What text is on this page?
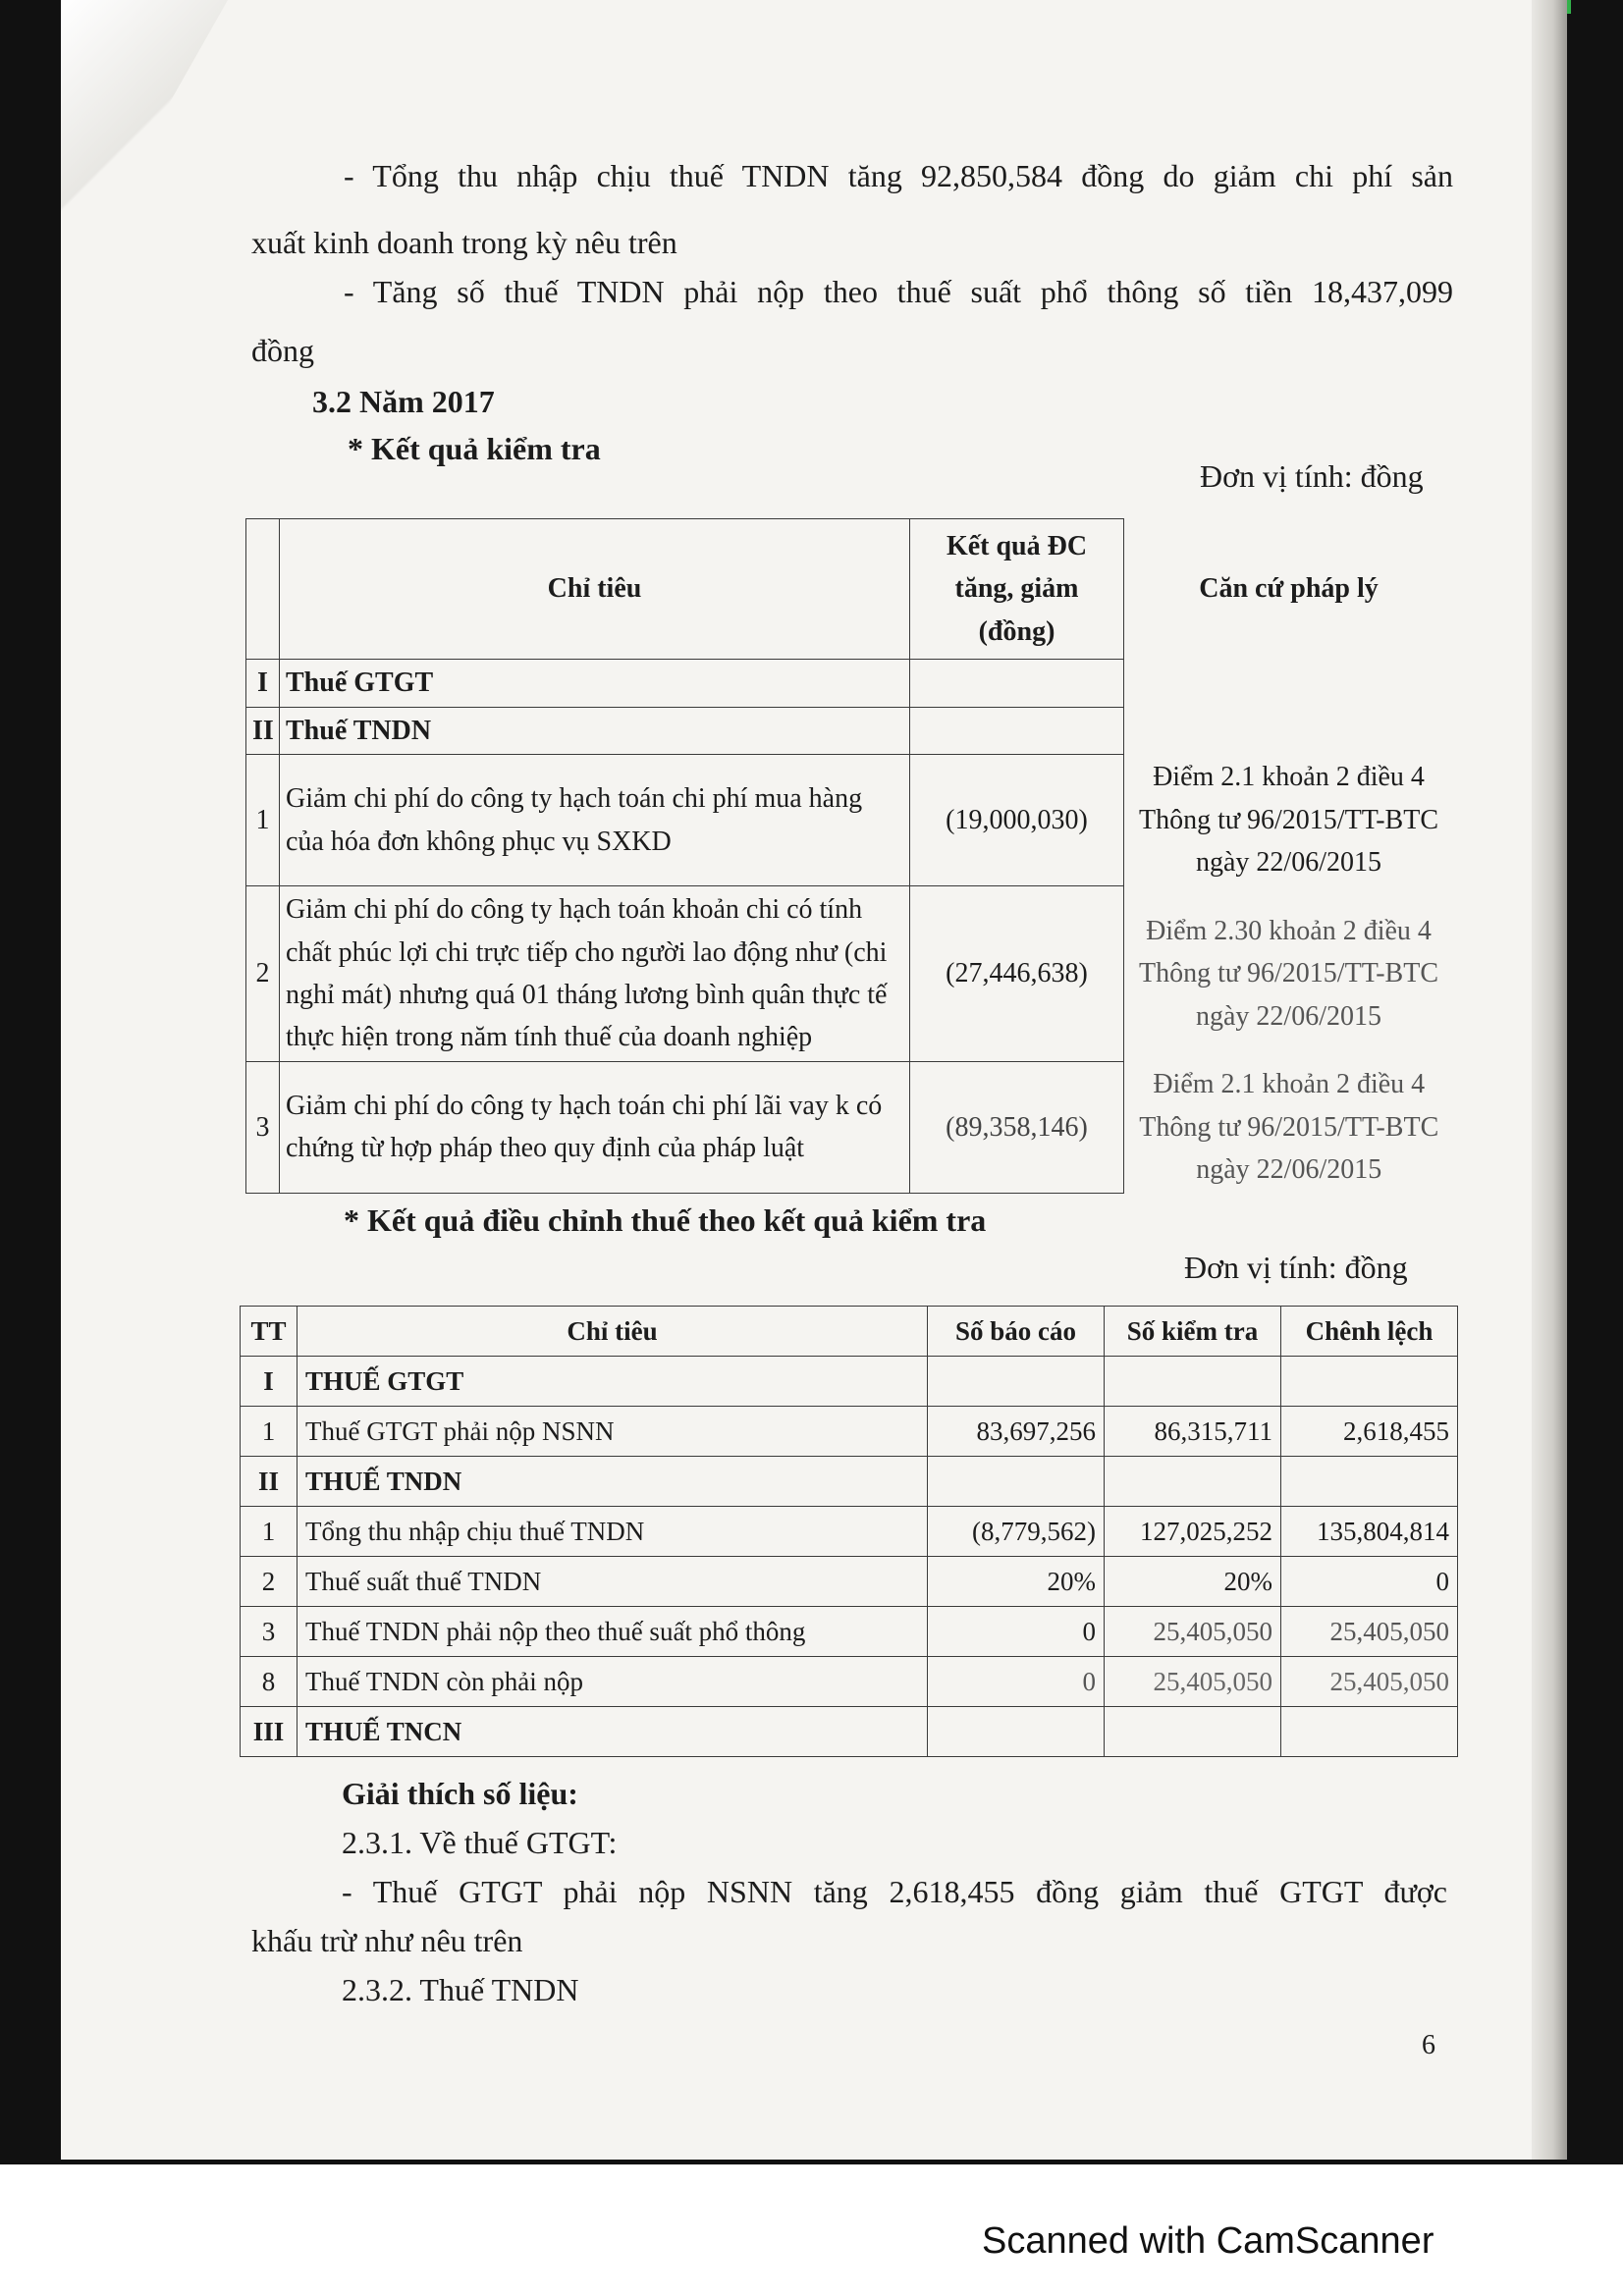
- Tổng thu nhập chịu thuế TNDN tăng 92,850,584 đồng do giảm chi phí sản
xuất kinh doanh trong kỳ nêu trên
- Tăng số thuế TNDN phải nộp theo thuế suất phổ thông số tiền 18,437,099
đồng
3.2 Năm 2017
* Kết quả kiểm tra
Đơn vị tính: đồng
	Chỉ tiêu	Kết quả ĐC tăng, giảm (đồng)	Căn cứ pháp lý
I	Thuế GTGT		
II	Thuế TNDN		
1	Giảm chi phí do công ty hạch toán chi phí mua hàng của hóa đơn không phục vụ SXKD	(19,000,030)	Điểm 2.1 khoản 2 điều 4 Thông tư 96/2015/TT-BTC ngày 22/06/2015
2	Giảm chi phí do công ty hạch toán khoản chi có tính chất phúc lợi chi trực tiếp cho người lao động như (chi nghỉ mát) nhưng quá 01 tháng lương bình quân thực tế thực hiện trong năm tính thuế của doanh nghiệp	(27,446,638)	Điểm 2.30 khoản 2 điều 4 Thông tư 96/2015/TT-BTC ngày 22/06/2015
3	Giảm chi phí do công ty hạch toán chi phí lãi vay k có chứng từ hợp pháp theo quy định của pháp luật	(89,358,146)	Điểm 2.1 khoản 2 điều 4 Thông tư 96/2015/TT-BTC ngày 22/06/2015
* Kết quả điều chỉnh thuế theo kết quả kiểm tra
Đơn vị tính: đồng
TT	Chỉ tiêu	Số báo cáo	Số kiểm tra	Chênh lệch
I	THUẾ GTGT			
1	Thuế GTGT phải nộp NSNN	83,697,256	86,315,711	2,618,455
II	THUẾ TNDN			
1	Tổng thu nhập chịu thuế TNDN	(8,779,562)	127,025,252	135,804,814
2	Thuế suất thuế TNDN	20%	20%	0
3	Thuế TNDN phải nộp theo thuế suất phổ thông	0	25,405,050	25,405,050
8	Thuế TNDN còn phải nộp	0	25,405,050	25,405,050
III	THUẾ TNCN			
Giải thích số liệu:
2.3.1. Về thuế GTGT:
- Thuế GTGT phải nộp NSNN tăng 2,618,455 đồng giảm thuế GTGT được
khấu trừ như nêu trên
2.3.2. Thuế TNDN
6
Scanned with CamScanner
